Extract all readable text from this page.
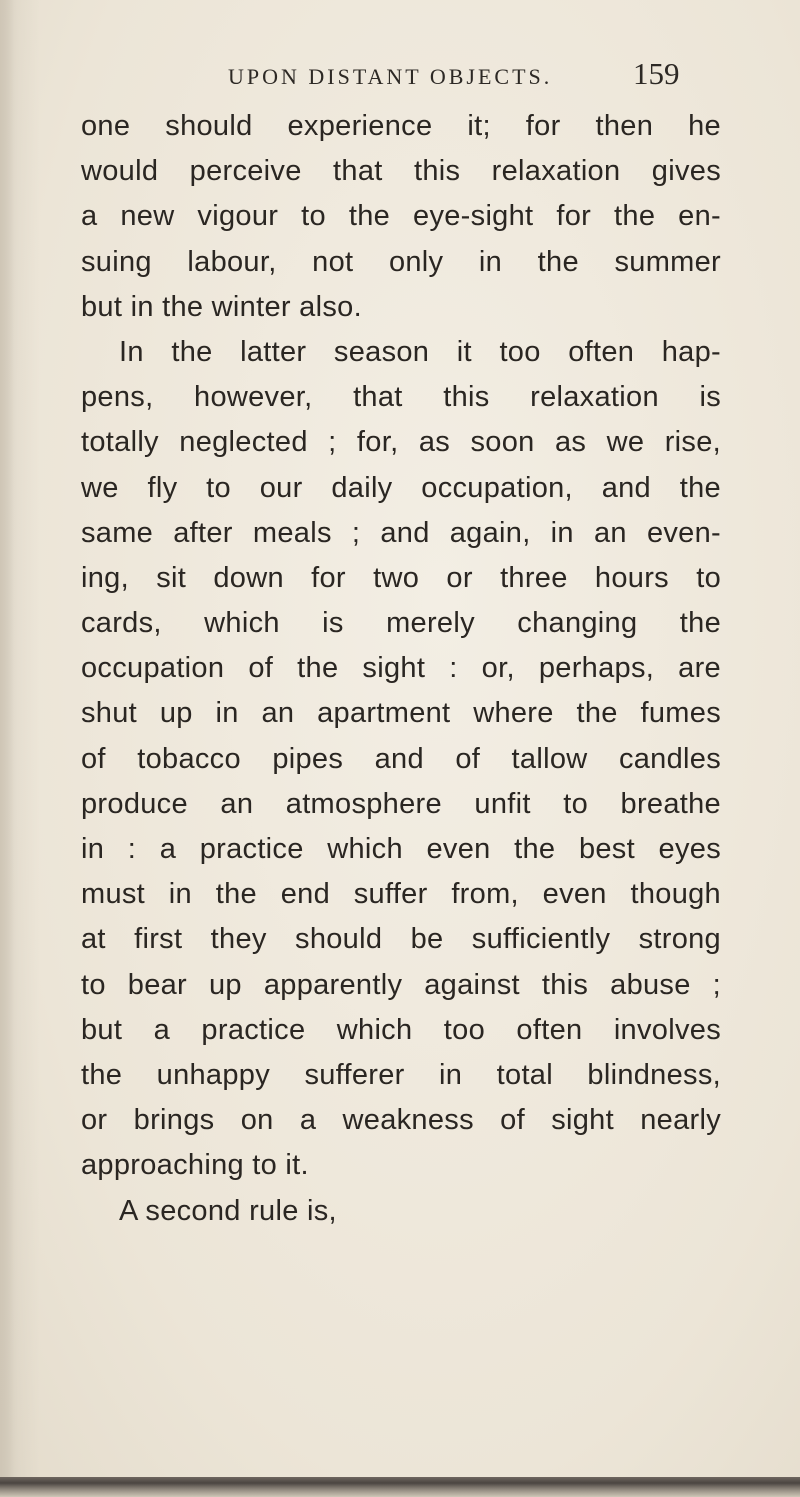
UPON DISTANT OBJECTS.	159
one should experience it; for then he
would perceive that this relaxation gives
a new vigour to the eye-sight for the en-
suing labour, not only in the summer
but in the winter also.
In the latter season it too often hap-
pens, however, that this relaxation is
totally neglected ; for, as soon as we rise,
we fly to our daily occupation, and the
same after meals ; and again, in an even-
ing, sit down for two or three hours to
cards, which is merely changing the
occupation of the sight : or, perhaps, are
shut up in an apartment where the fumes
of tobacco pipes and of tallow candles
produce an atmosphere unfit to breathe
in : a practice which even the best eyes
must in the end suffer from, even though
at first they should be sufficiently strong
to bear up apparently against this abuse ;
but a practice which too often involves
the unhappy sufferer in total blindness,
or brings on a weakness of sight nearly
approaching to it.
A second rule is,
